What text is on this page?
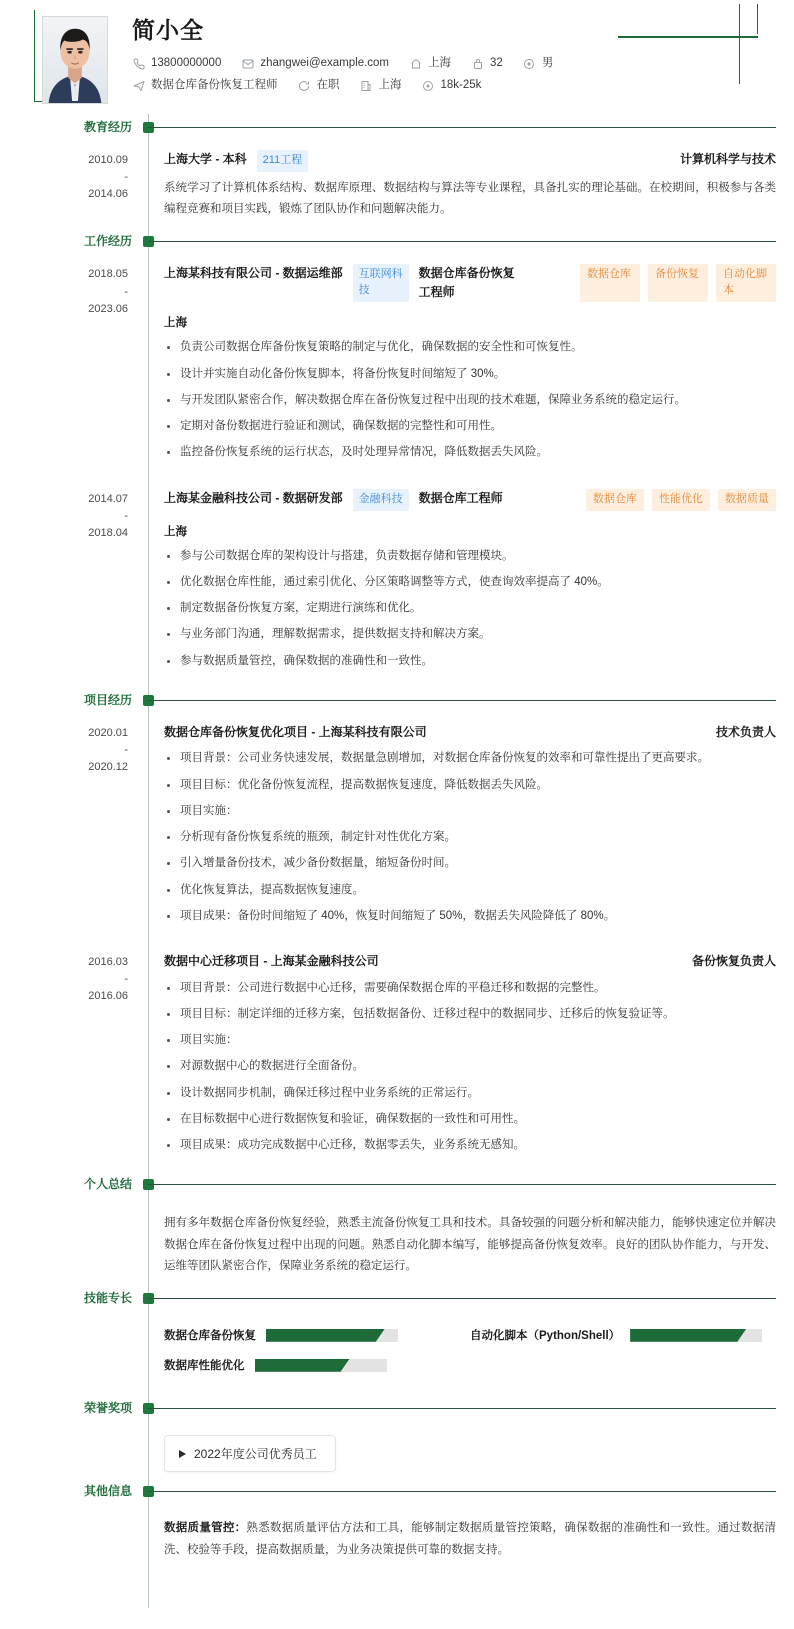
简小全
13800000000	zhangwei@example.com	上海	32	男
数据仓库备份恢复工程师	在职	上海	18k-25k
教育经历
2010.09
-
2014.06
上海大学 - 本科	211工程	计算机科学与技术

系统学习了计算机体系结构、数据库原理、数据结构与算法等专业课程，具备扎实的理论基础。在校期间，积极参与各类编程竞赛和项目实践，锻炼了团队协作和问题解决能力。

工作经历
2018.05
-
2023.06
上海某科技有限公司 - 数据运维部	互联网科技
数据仓库备份恢复工程师
数据仓库	备份恢复	自动化脚本
上海
负责公司数据仓库备份恢复策略的制定与优化，确保数据的安全性和可恢复性。
设计并实施自动化备份恢复脚本，将备份恢复时间缩短了 30%。
与开发团队紧密合作，解决数据仓库在备份恢复过程中出现的技术难题，保障业务系统的稳定运行。
定期对备份数据进行验证和测试，确保数据的完整性和可用性。
监控备份恢复系统的运行状态，及时处理异常情况，降低数据丢失风险。
2014.07
-
2018.04
上海某金融科技公司 - 数据研发部	金融科技	数据仓库工程师	数据仓库	性能优化	数据质量
上海
参与公司数据仓库的架构设计与搭建，负责数据存储和管理模块。
优化数据仓库性能，通过索引优化、分区策略调整等方式，使查询效率提高了 40%。
制定数据备份恢复方案，定期进行演练和优化。
与业务部门沟通，理解数据需求，提供数据支持和解决方案。
参与数据质量管控，确保数据的准确性和一致性。
项目经历
2020.01
-
2020.12
数据仓库备份恢复优化项目 - 上海某科技有限公司	技术负责人
项目背景：公司业务快速发展，数据量急剧增加，对数据仓库备份恢复的效率和可靠性提出了更高要求。
项目目标：优化备份恢复流程，提高数据恢复速度，降低数据丢失风险。
项目实施：
分析现有备份恢复系统的瓶颈，制定针对性优化方案。
引入增量备份技术，减少备份数据量，缩短备份时间。
优化恢复算法，提高数据恢复速度。
项目成果：备份时间缩短了 40%，恢复时间缩短了 50%，数据丢失风险降低了 80%。
2016.03
-
2016.06
数据中心迁移项目 - 上海某金融科技公司	备份恢复负责人
项目背景：公司进行数据中心迁移，需要确保数据仓库的平稳迁移和数据的完整性。
项目目标：制定详细的迁移方案，包括数据备份、迁移过程中的数据同步、迁移后的恢复验证等。
项目实施：
对源数据中心的数据进行全面备份。
设计数据同步机制，确保迁移过程中业务系统的正常运行。
在目标数据中心进行数据恢复和验证，确保数据的一致性和可用性。
项目成果：成功完成数据中心迁移，数据零丢失，业务系统无感知。
个人总结

拥有多年数据仓库备份恢复经验，熟悉主流备份恢复工具和技术。具备较强的问题分析和解决能力，能够快速定位并解决数据仓库在备份恢复过程中出现的问题。熟悉自动化脚本编写，能够提高备份恢复效率。良好的团队协作能力，与开发、运维等团队紧密合作，保障业务系统的稳定运行。

技能专长
数据仓库备份恢复	自动化脚本（Python/Shell）
数据库性能优化
荣誉奖项
2022年度公司优秀员工
其他信息
数据质量管控：熟悉数据质量评估方法和工具，能够制定数据质量管控策略，确保数据的准确性和一致性。通过数据清洗、校验等手段，提高数据质量，为业务决策提供可靠的数据支持。
